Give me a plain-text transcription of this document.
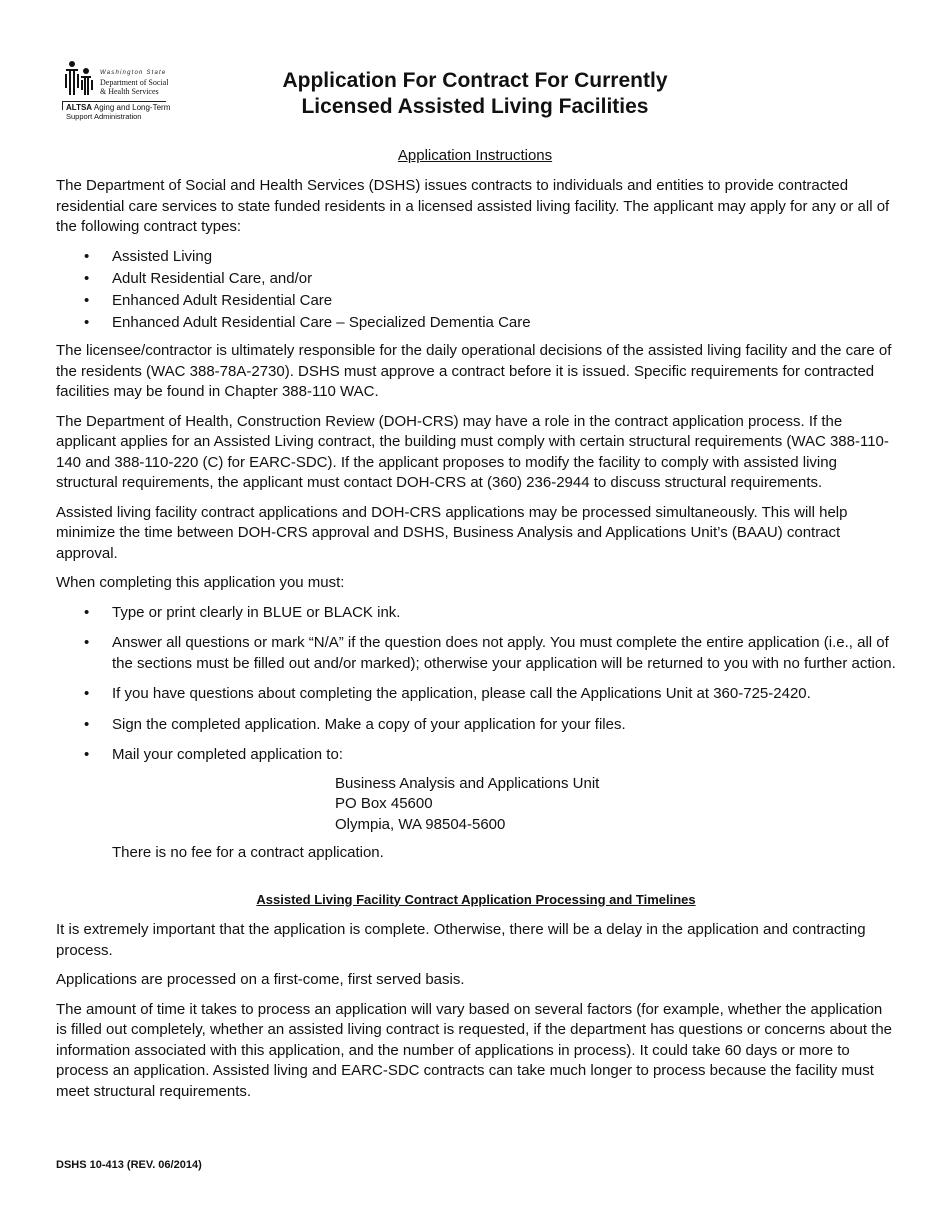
Washington State
Department of Social
& Health Services
ALTSA Aging and Long-Term
Support Administration
Application For Contract For Currently
Licensed Assisted Living Facilities
Application Instructions

The Department of Social and Health Services (DSHS) issues contracts to individuals and entities to provide contracted residential care services to state funded residents in a licensed assisted living facility. The applicant may apply for any or all of the following contract types:

• Assisted Living
• Adult Residential Care, and/or
• Enhanced Adult Residential Care
• Enhanced Adult Residential Care – Specialized Dementia Care

The licensee/contractor is ultimately responsible for the daily operational decisions of the assisted living facility and the care of the residents (WAC 388-78A-2730). DSHS must approve a contract before it is issued. Specific requirements for contracted facilities may be found in Chapter 388-110 WAC.

The Department of Health, Construction Review (DOH-CRS) may have a role in the contract application process. If the applicant applies for an Assisted Living contract, the building must comply with certain structural requirements (WAC 388-110-140 and 388-110-220 (C) for EARC-SDC). If the applicant proposes to modify the facility to comply with assisted living structural requirements, the applicant must contact DOH-CRS at (360) 236-2944 to discuss structural requirements.

Assisted living facility contract applications and DOH-CRS applications may be processed simultaneously. This will help minimize the time between DOH-CRS approval and DSHS, Business Analysis and Applications Unit’s (BAAU) contract approval.

When completing this application you must:

• Type or print clearly in BLUE or BLACK ink.
• Answer all questions or mark “N/A” if the question does not apply. You must complete the entire application (i.e., all of the sections must be filled out and/or marked); otherwise your application will be returned to you with no further action.
• If you have questions about completing the application, please call the Applications Unit at 360-725-2420.
• Sign the completed application. Make a copy of your application for your files.
• Mail your completed application to:
Business Analysis and Applications Unit
PO Box 45600
Olympia, WA 98504-5600
There is no fee for a contract application.
Assisted Living Facility Contract Application Processing and Timelines

It is extremely important that the application is complete. Otherwise, there will be a delay in the application and contracting process.

Applications are processed on a first-come, first served basis.

The amount of time it takes to process an application will vary based on several factors (for example, whether the application is filled out completely, whether an assisted living contract is requested, if the department has questions or concerns about the information associated with this application, and the number of applications in process). It could take 60 days or more to process an application. Assisted living and EARC-SDC contracts can take much longer to process because the facility must meet structural requirements.

DSHS 10-413 (REV. 06/2014)
